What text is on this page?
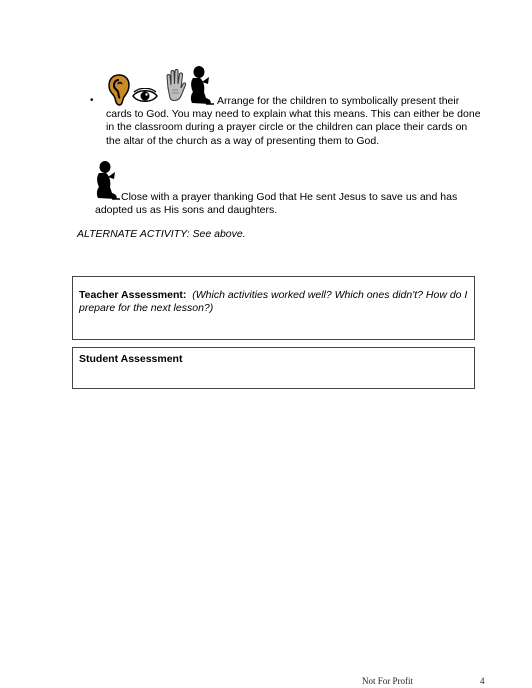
•	Arrange for the children to symbolically present their
cards to God. You may need to explain what this means. This can either be done in the classroom during a prayer circle or the children can place their cards on the altar of the church as a way of presenting them to God.
Close with a prayer thanking God that He sent Jesus to save us and has
adopted us as His sons and daughters.
ALTERNATE ACTIVITY: See above.

Teacher Assessment: (Which activities worked well? Which ones didn't? How do I prepare for the next lesson?)

Student Assessment

Not For Profit	4
